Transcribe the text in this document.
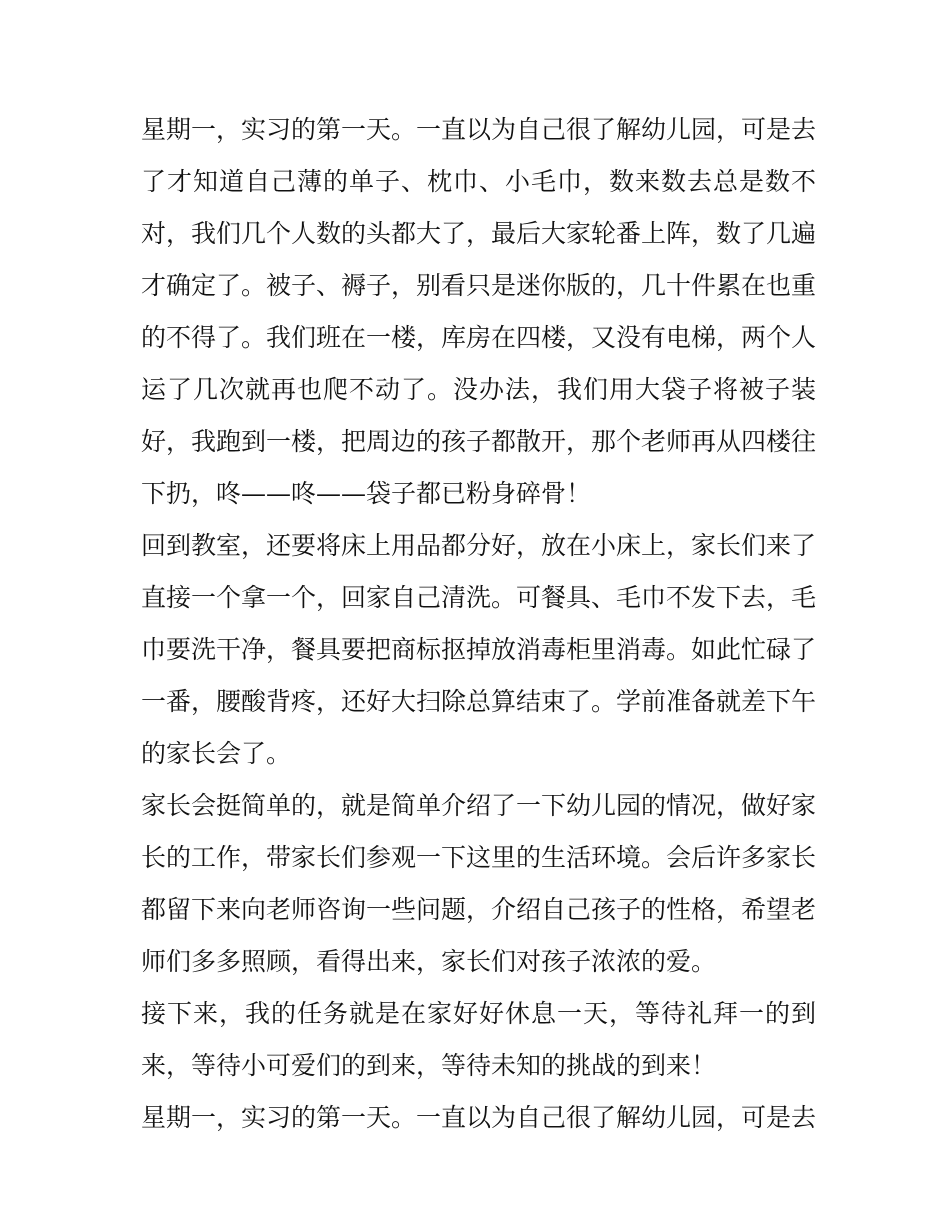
星期一，实习的第一天。一直以为自己很了解幼儿园，可是去了才知道自己薄的单子、枕巾、小毛巾，数来数去总是数不对，我们几个人数的头都大了，最后大家轮番上阵，数了几遍才确定了。被子、褥子，别看只是迷你版的，几十件累在也重的不得了。我们班在一楼，库房在四楼，又没有电梯，两个人运了几次就再也爬不动了。没办法，我们用大袋子将被子装好，我跑到一楼，把周边的孩子都散开，那个老师再从四楼往下扔，咚——咚——袋子都已粉身碎骨！

回到教室，还要将床上用品都分好，放在小床上，家长们来了直接一个拿一个，回家自己清洗。可餐具、毛巾不发下去，毛巾要洗干净，餐具要把商标抠掉放消毒柜里消毒。如此忙碌了一番，腰酸背疼，还好大扫除总算结束了。学前准备就差下午的家长会了。

家长会挺简单的，就是简单介绍了一下幼儿园的情况，做好家长的工作，带家长们参观一下这里的生活环境。会后许多家长都留下来向老师咨询一些问题，介绍自己孩子的性格，希望老师们多多照顾，看得出来，家长们对孩子浓浓的爱。

接下来，我的任务就是在家好好休息一天，等待礼拜一的到来，等待小可爱们的到来，等待未知的挑战的到来！

星期一，实习的第一天。一直以为自己很了解幼儿园，可是去
